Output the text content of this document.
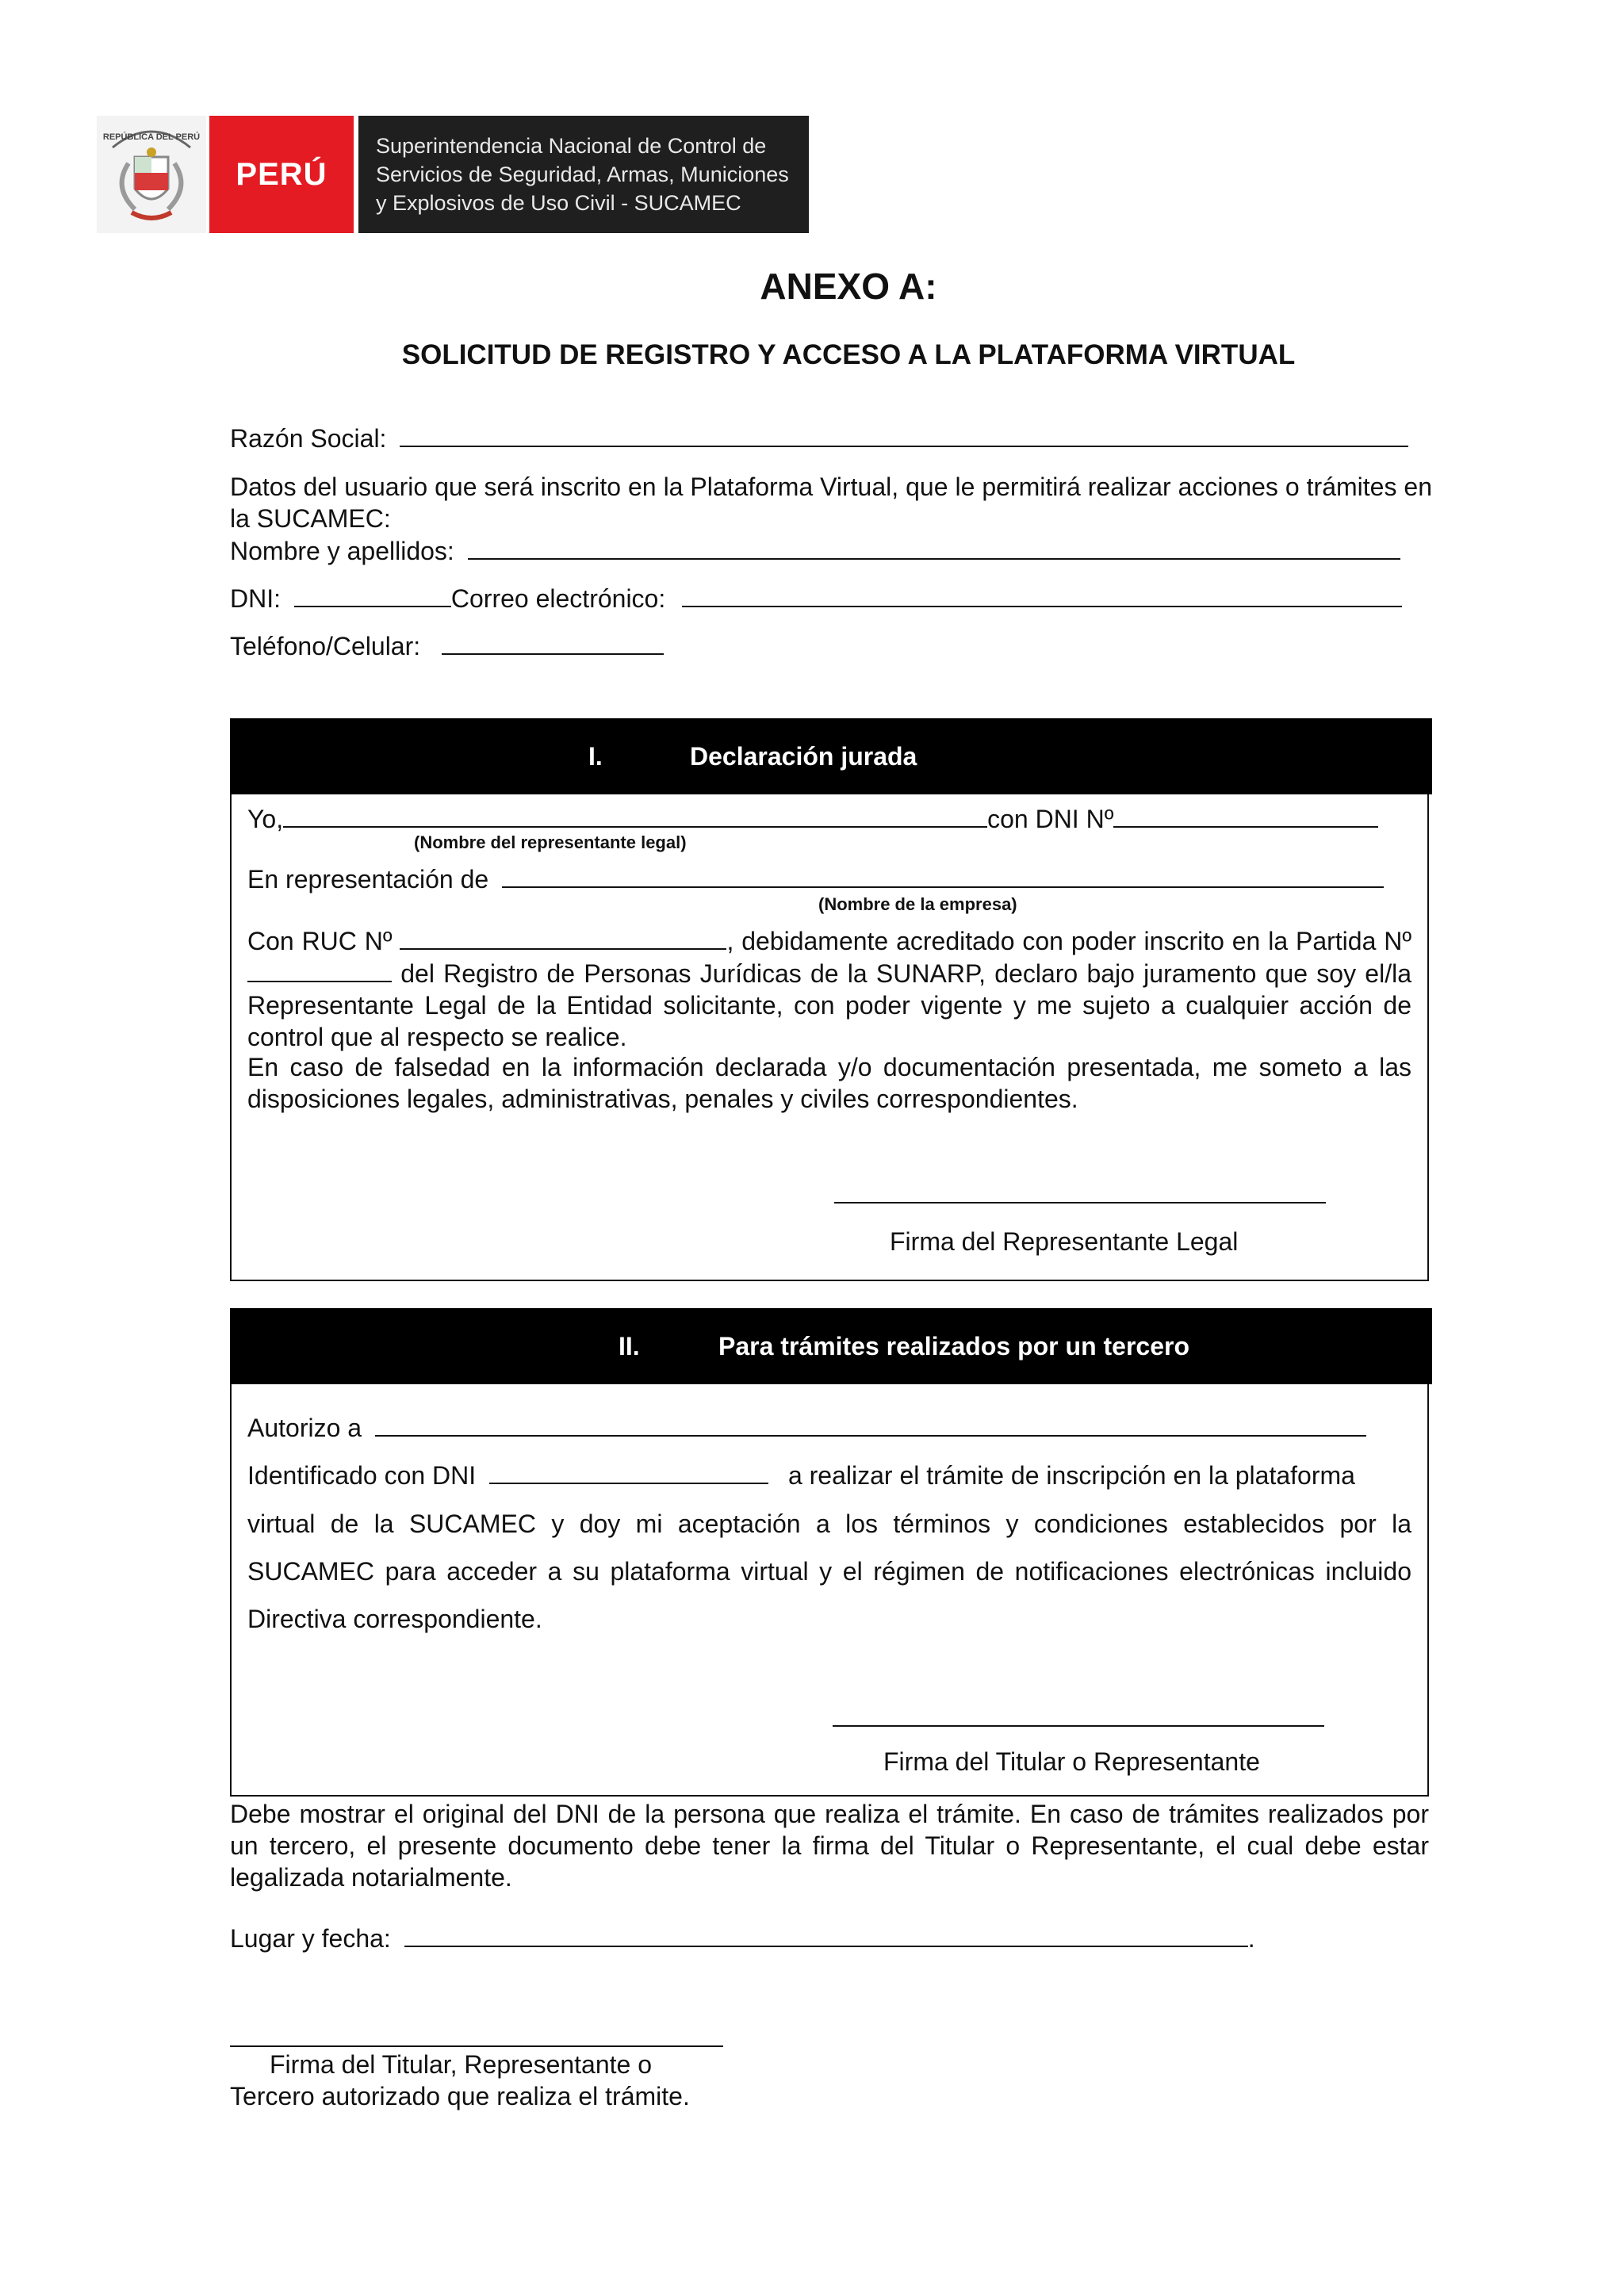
REPÚBLICA DEL PERÚ
PERÚ
Superintendencia Nacional de Control de
Servicios de Seguridad, Armas, Municiones
y Explosivos de Uso Civil - SUCAMEC
ANEXO A:
SOLICITUD DE REGISTRO Y ACCESO A LA PLATAFORMA VIRTUAL
Razón Social:
Datos del usuario que será inscrito en la Plataforma Virtual, que le permitirá realizar acciones o trámites en la SUCAMEC:
Nombre y apellidos:
DNI:	Correo electrónico:
Teléfono/Celular:
I.	Declaración jurada
Yo,	con DNI Nº
(Nombre del representante legal)
En representación de
(Nombre de la empresa)
Con RUC Nº	, debidamente acreditado con poder inscrito en la Partida Nº del Registro de Personas Jurídicas de la SUNARP, declaro bajo juramento que soy el/la Representante Legal de la Entidad solicitante, con poder vigente y me sujeto a cualquier acción de control que al respecto se realice.
En caso de falsedad en la información declarada y/o documentación presentada, me someto a las disposiciones legales, administrativas, penales y civiles correspondientes.
Firma del Representante Legal
II.	Para trámites realizados por un tercero
Autorizo a
Identificado con DNI	a realizar el trámite de inscripción en la plataforma
virtual de la SUCAMEC y doy mi aceptación a los términos y condiciones establecidos por la SUCAMEC para acceder a su plataforma virtual y el régimen de notificaciones electrónicas incluido Directiva correspondiente.
Firma del Titular o Representante
Debe mostrar el original del DNI de la persona que realiza el trámite. En caso de trámites realizados por un tercero, el presente documento debe tener la firma del Titular o Representante, el cual debe estar legalizada notarialmente.
Lugar y fecha:	.
Firma del Titular, Representante o
Tercero autorizado que realiza el trámite.
